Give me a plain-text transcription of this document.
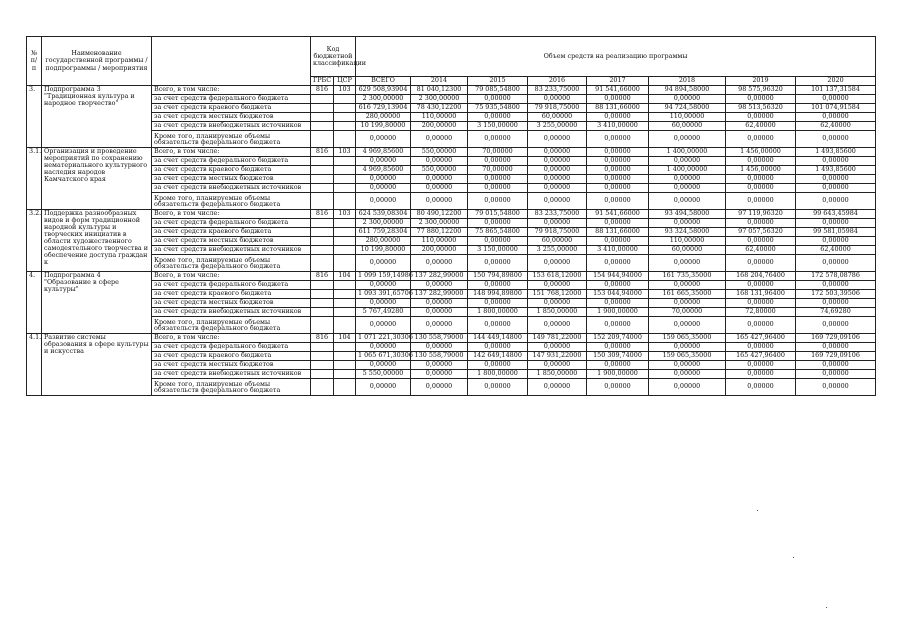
№
п/п	Наименование государственной программы / подпрограммы / мероприятия		Код бюджетной классификации		Объем средств на реализацию программы							
			ГРБС	ЦСР	ВСЕГО	2014	2015	2016	2017	2018	2019	2020
3.	Подпрограмма 3 "Традиционная культура и народное творчество"	Всего, в том числе:	816	103	629 508,93904	81 040,12300	79 085,54800	83 233,75000	91 541,66000	94 894,58000	98 575,96320	101 137,31584
		за счет средств федерального бюджета			2 300,00000	2 300,00000	0,00000	0,00000	0,00000	0,00000	0,00000	0,00000
		за счет средств краевого бюджета			616 729,13904	78 430,12200	75 935,54800	79 918,75000	88 131,66000	94 724,58000	98 513,56320	101 074,91584
		за счет средств местных бюджетов			280,00000	110,00000	0,00000	60,00000	0,00000	110,00000	0,00000	0,00000
		за счет средств внебюджетных источников			10 199,80000	200,00000	3 150,00000	3 255,00000	3 410,00000	60,00000	62,40000	62,40000
		Кроме того, планируемые объемы обязательств федерального бюджета			0,00000	0,00000	0,00000	0,00000	0,00000	0,00000	0,00000	0,00000
3.1.	Организация и проведение мероприятий по сохранению нематериального культурного наследия народов Камчатского края	Всего, в том числе:	816	103	4 969,85600	550,00000	70,00000	0,00000	0,00000	1 400,00000	1 456,00000	1 493,85600
		за счет средств федерального бюджета			0,00000	0,00000	0,00000	0,00000	0,00000	0,00000	0,00000	0,00000
		за счет средств краевого бюджета			4 969,85600	550,00000	70,00000	0,00000	0,00000	1 400,00000	1 456,00000	1 493,85600
		за счет средств местных бюджетов			0,00000	0,00000	0,00000	0,00000	0,00000	0,00000	0,00000	0,00000
		за счет средств внебюджетных источников			0,00000	0,00000	0,00000	0,00000	0,00000	0,00000	0,00000	0,00000
		Кроме того, планируемые объемы обязательств федерального бюджета			0,00000	0,00000	0,00000	0,00000	0,00000	0,00000	0,00000	0,00000
3.2.	Поддержка разнообразных видов и форм традиционной народной культуры и творческих инициатив в области художественного самодеятельного творчества и обеспечение доступа граждан к	Всего, в том числе:	816	103	624 539,08304	80 490,12200	79 015,54800	83 233,75000	91 541,66000	93 494,58000	97 119,96320	99 643,45984
		за счет средств федерального бюджета			2 300,00000	2 300,00000	0,00000	0,00000	0,00000	0,00000	0,00000	0,00000
		за счет средств краевого бюджета			611 759,28304	77 880,12200	75 865,54800	79 918,75000	88 131,66000	93 324,58000	97 057,56320	99 581,05984
		за счет средств местных бюджетов			280,00000	110,00000	0,00000	60,00000	0,00000	110,00000	0,00000	0,00000
		за счет средств внебюджетных источников			10 199,80000	200,00000	3 150,00000	3 255,00000	3 410,00000	60,00000	62,40000	62,40000
		Кроме того, планируемые объемы обязательств федерального бюджета			0,00000	0,00000	0,00000	0,00000	0,00000	0,00000	0,00000	0,00000
4.	Подпрограмма 4 "Образование в сфере культуры"	Всего, в том числе:	816	104	1 099 159,14986	137 282,99000	150 794,89800	153 618,12000	154 944,94000	161 735,35000	168 204,76400	172 578,08786
		за счет средств федерального бюджета			0,00000	0,00000	0,00000	0,00000	0,00000	0,00000	0,00000	0,00000
		за счет средств краевого бюджета			1 093 391,65706	137 282,99000	148 994,89800	151 768,12000	153 044,94000	161 665,35000	168 131,96400	172 503,39506
		за счет средств местных бюджетов			0,00000	0,00000	0,00000	0,00000	0,00000	0,00000	0,00000	0,00000
		за счет средств внебюджетных источников			5 767,49280	0,00000	1 800,00000	1 850,00000	1 900,00000	70,00000	72,80000	74,69280
		Кроме того, планируемые объемы обязательств федерального бюджета			0,00000	0,00000	0,00000	0,00000	0,00000	0,00000	0,00000	0,00000
4.1.	Развитие системы образования в сфере культуры и искусства	Всего, в том числе:	816	104	1 071 221,30306	130 558,79000	144 449,14800	149 781,22000	152 209,74000	159 065,35000	165 427,96400	169 729,09106
		за счет средств федерального бюджета			0,00000	0,00000	0,00000	0,00000	0,00000	0,00000	0,00000	0,00000
		за счет средств краевого бюджета			1 065 671,30306	130 558,79000	142 649,14800	147 931,22000	150 309,74000	159 065,35000	165 427,96400	169 729,09106
		за счет средств местных бюджетов			0,00000	0,00000	0,00000	0,00000	0,00000	0,00000	0,00000	0,00000
		за счет средств внебюджетных источников			5 550,00000	0,00000	1 800,00000	1 850,00000	1 900,00000	0,00000	0,00000	0,00000
		Кроме того, планируемые объемы обязательств федерального бюджета			0,00000	0,00000	0,00000	0,00000	0,00000	0,00000	0,00000	0,00000
